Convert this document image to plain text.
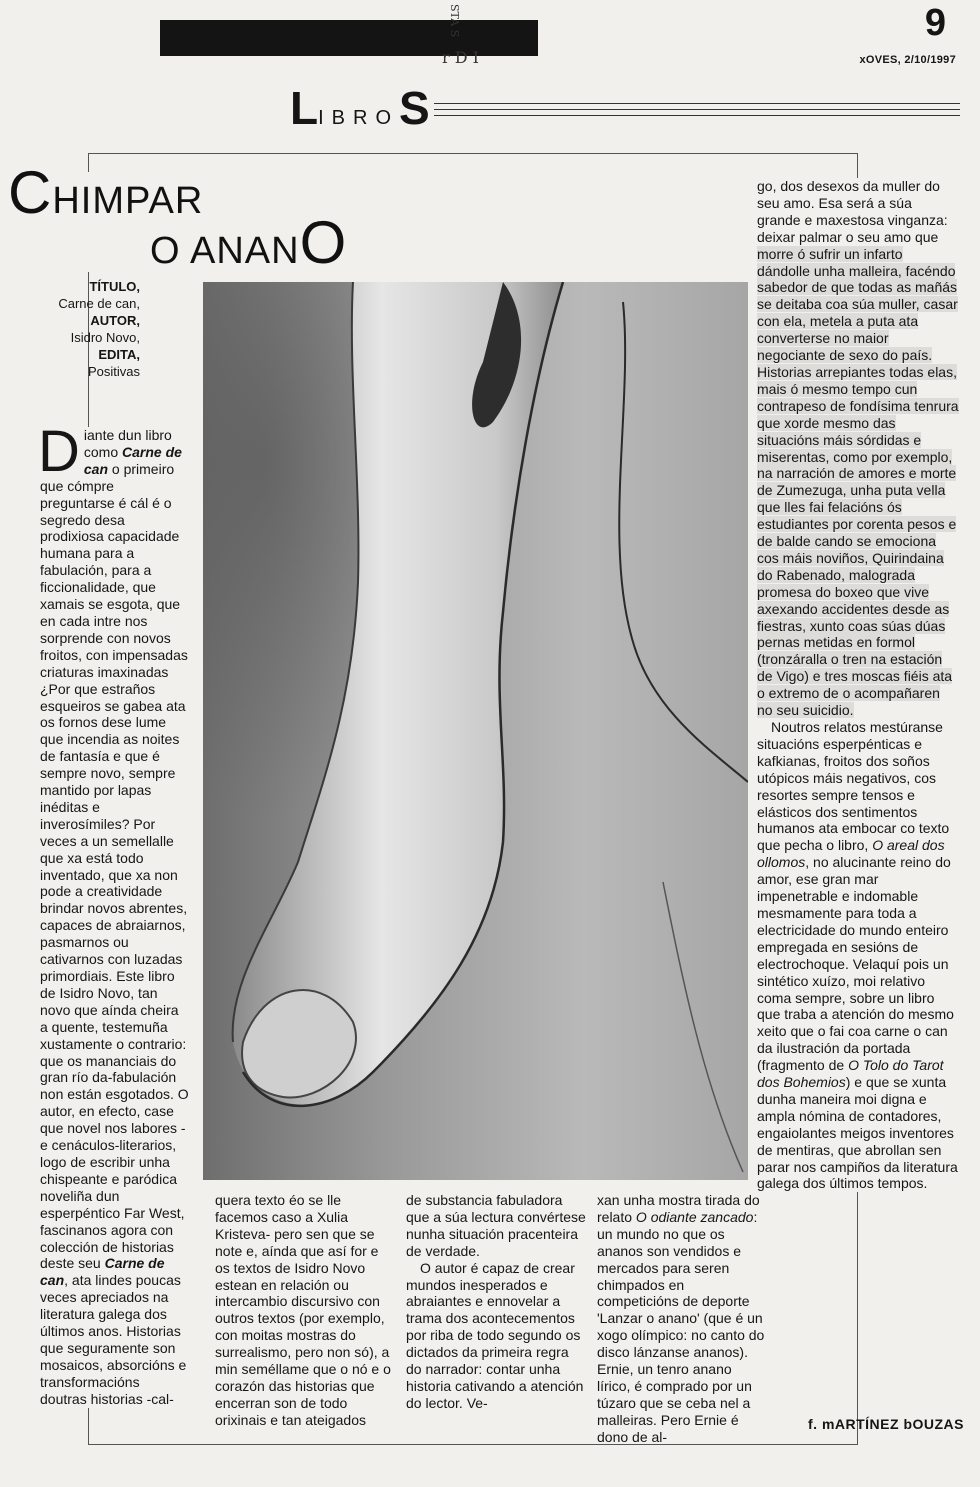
r D I
STA S	9
xOVES, 2/10/1997
LIBROS
CHIMPAR
O ANANO
TÍTULO,
Carne de can,
AUTOR,
Isidro Novo,
EDITA,
Positivas

Diante dun libro como Carne de can o primeiro que cómpre preguntarse é cál é o segredo desa prodixiosa capacidade humana para a fabulación, para a ficcionalidade, que xamais se esgota, que en cada intre nos sorprende con novos froitos, con impensadas criaturas imaxinadas ¿Por que estraños esqueiros se gabea ata os fornos dese lume que incendia as noites de fantasía e que é sempre novo, sempre mantido por lapas inéditas e inverosímiles? Por veces a un semellalle que xa está todo inventado, que xa non pode a creatividade brindar novos abrentes, capaces de abraiarnos, pasmarnos ou cativarnos con luzadas primordiais. Este libro de Isidro Novo, tan novo que aínda cheira a quente, testemuña xustamente o contrario: que os mananciais do gran río da-fabulación non están esgotados. O autor, en efecto, case que novel nos labores -e cenáculos-literarios, logo de escribir unha chispeante e paródica noveliña dun esperpéntico Far West, fascinanos agora con colección de historias deste seu Carne de can, ata lindes poucas veces apreciados na literatura galega dos últimos anos. Historias que seguramente son mosaicos, absorcións e transformacións doutras historias -cal-

quera texto éo se lle facemos caso a Xulia Kristeva- pero sen que se note e, aínda que así for e os textos de Isidro Novo estean en relación ou intercambio discursivo con outros textos (por exemplo, con moitas mostras do surrealismo, pero non só), a min seméllame que o nó e o corazón das historias que encerran son de todo orixinais e tan ateigados

de substancia fabuladora que a súa lectura convértese nunha situación pracenteira de verdade.

O autor é capaz de crear mundos inesperados e abraiantes e ennovelar a trama dos acontecementos por riba de todo segundo os dictados da primeira regra do narrador: contar unha historia cativando a atención do lector. Ve-

xan unha mostra tirada do relato O odiante zancado: un mundo no que os ananos son vendidos e mercados para seren chimpados en competicións de deporte 'Lanzar o anano' (que é un xogo olímpico: no canto do disco lánzanse ananos). Ernie, un tenro anano lírico, é comprado por un túzaro que se ceba nel a malleiras. Pero Ernie é dono de al-

go, dos desexos da muller do seu amo. Esa será a súa grande e maxestosa vinganza: deixar palmar o seu amo que morre ó sufrir un infarto dándolle unha malleira, facéndo sabedor de que todas as mañás se deitaba coa súa muller, casar con ela, metela a puta ata converterse no maior negociante de sexo do país. Historias arrepiantes todas elas, mais ó mesmo tempo cun contrapeso de fondísima tenrura que xorde mesmo das situacións máis sórdidas e miserentas, como por exemplo, na narración de amores e morte de Zumezuga, unha puta vella que lles fai felacións ós estudiantes por corenta pesos e de balde cando se emociona cos máis noviños, Quirindaina do Rabenado, malograda promesa do boxeo que vive axexando accidentes desde as fiestras, xunto coas súas dúas pernas metidas en formol (tronzáralla o tren na estación de Vigo) e tres moscas fiéis ata o extremo de o acompañaren no seu suicidio.

Noutros relatos mestúranse situacións esperpénticas e kafkianas, froitos dos soños utópicos máis negativos, cos resortes sempre tensos e elásticos dos sentimentos humanos ata embocar co texto que pecha o libro, O areal dos ollomos, no alucinante reino do amor, ese gran mar impenetrable e indomable mesmamente para toda a electricidade do mundo enteiro empregada en sesións de electrochoque. Velaquí pois un sintético xuízo, moi relativo coma sempre, sobre un libro que traba a atención do mesmo xeito que o fai coa carne o can da ilustración da portada (fragmento de O Tolo do Tarot dos Bohemios) e que se xunta dunha maneira moi digna e ampla nómina de contadores, engaiolantes meigos inventores de mentiras, que abrollan sen parar nos campiños da literatura galega dos últimos tempos.

f. mARTÍNEZ bOUZAS
